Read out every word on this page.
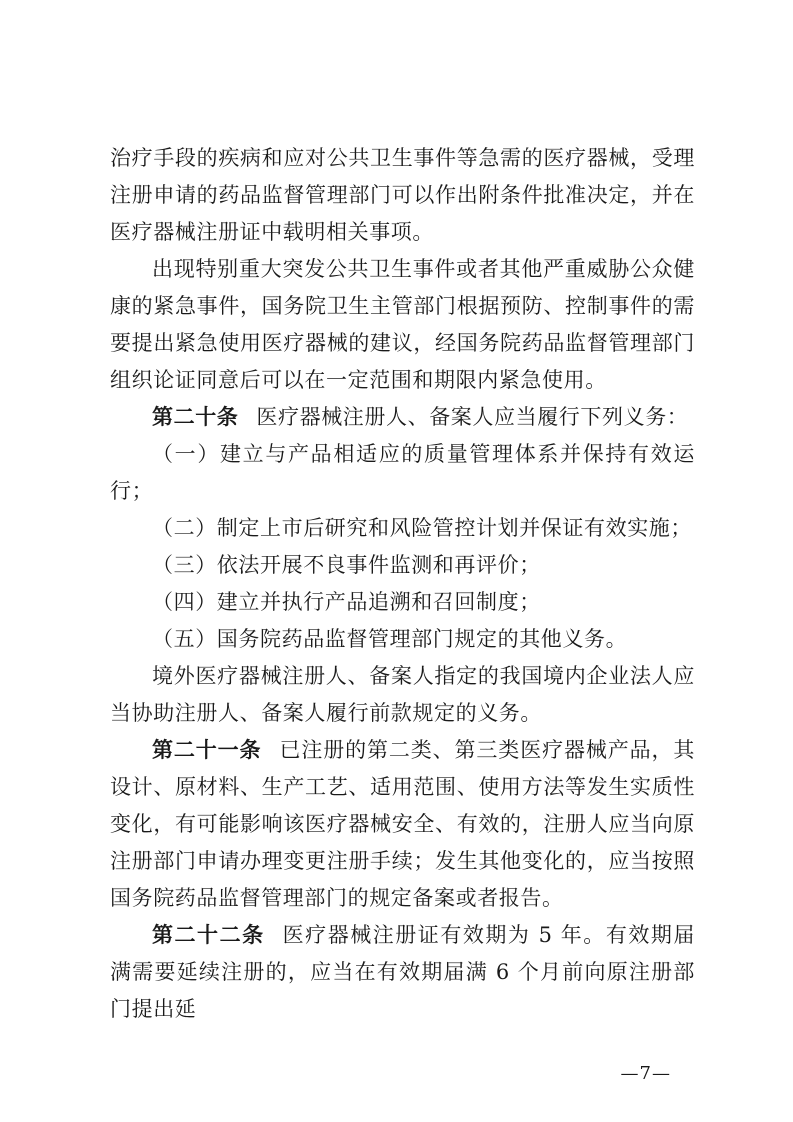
治疗手段的疾病和应对公共卫生事件等急需的医疗器械，受理注册申请的药品监督管理部门可以作出附条件批准决定，并在医疗器械注册证中载明相关事项。

出现特别重大突发公共卫生事件或者其他严重威胁公众健康的紧急事件，国务院卫生主管部门根据预防、控制事件的需要提出紧急使用医疗器械的建议，经国务院药品监督管理部门组织论证同意后可以在一定范围和期限内紧急使用。

第二十条 医疗器械注册人、备案人应当履行下列义务：

（一）建立与产品相适应的质量管理体系并保持有效运行；

（二）制定上市后研究和风险管控计划并保证有效实施；

（三）依法开展不良事件监测和再评价；

（四）建立并执行产品追溯和召回制度；

（五）国务院药品监督管理部门规定的其他义务。

境外医疗器械注册人、备案人指定的我国境内企业法人应当协助注册人、备案人履行前款规定的义务。

第二十一条 已注册的第二类、第三类医疗器械产品，其设计、原材料、生产工艺、适用范围、使用方法等发生实质性变化，有可能影响该医疗器械安全、有效的，注册人应当向原注册部门申请办理变更注册手续；发生其他变化的，应当按照国务院药品监督管理部门的规定备案或者报告。

第二十二条 医疗器械注册证有效期为 5 年。有效期届满需要延续注册的，应当在有效期届满 6 个月前向原注册部门提出延

—7—
